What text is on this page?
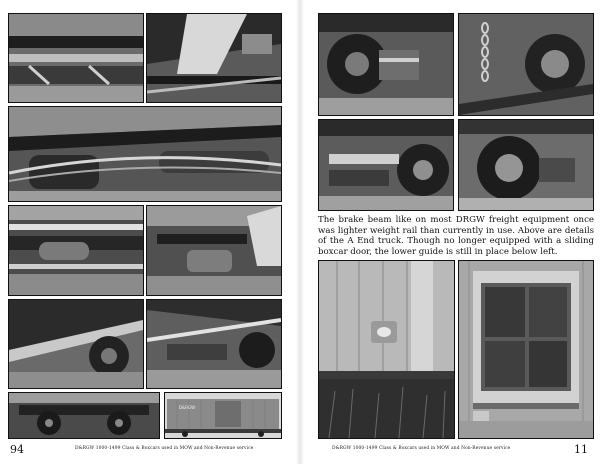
D&RGW
The brake beam like on most DRGW freight equipment once was lighter weight rail than currently in use. Above are details of the A End truck. Though no longer equipped with a sliding boxcar door, the lower guide is still in place below left.
94	D&RGW 1000-1499 Class & Boxcars used in MOW and Non-Revenue service	D&RGW 1000-1499 Class & Boxcars used in MOW and Non-Revenue service	11
